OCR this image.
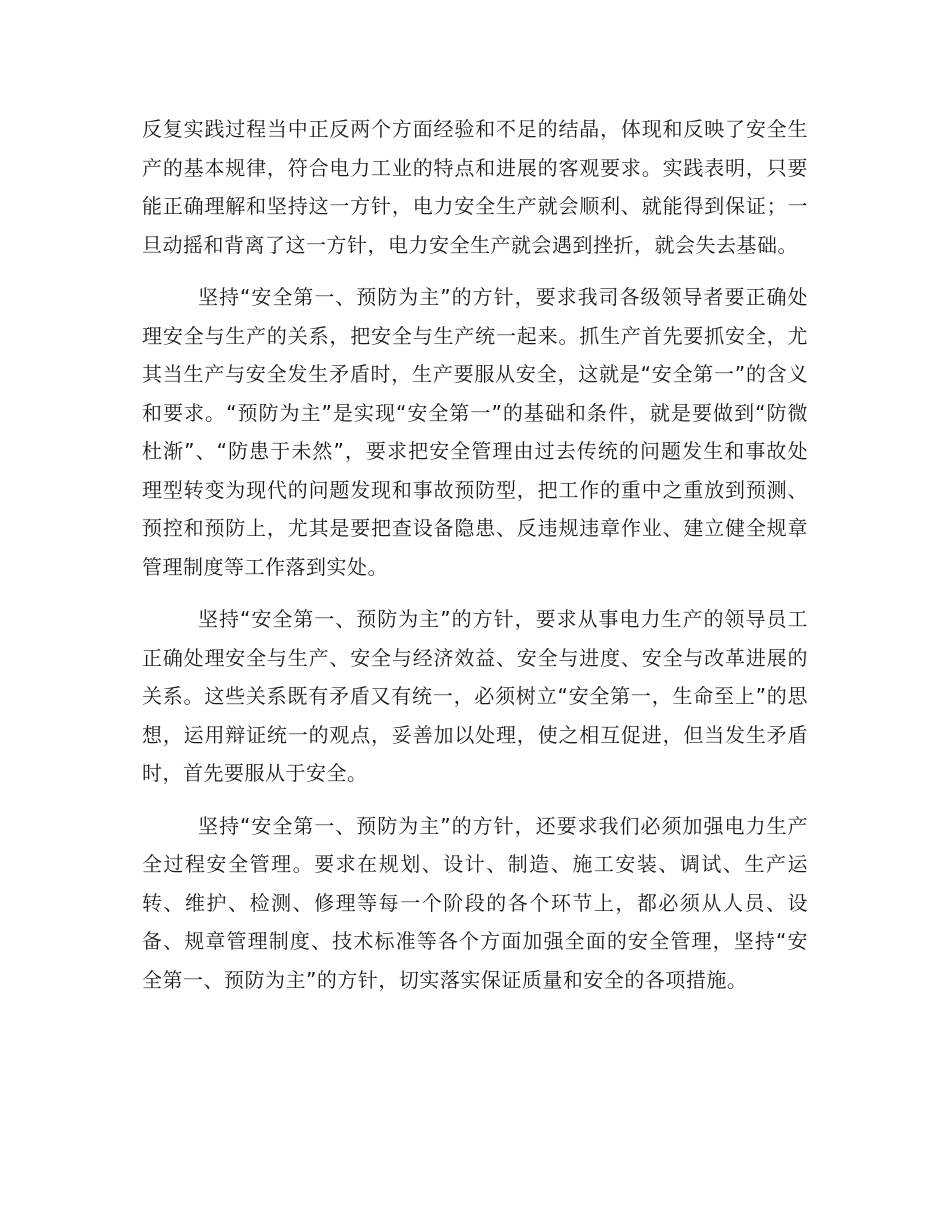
反复实践过程当中正反两个方面经验和不足的结晶，体现和反映了安全生产的基本规律，符合电力工业的特点和进展的客观要求。实践表明，只要能正确理解和坚持这一方针，电力安全生产就会顺利、就能得到保证；一旦动摇和背离了这一方针，电力安全生产就会遇到挫折，就会失去基础。

坚持“安全第一、预防为主”的方针，要求我司各级领导者要正确处理安全与生产的关系，把安全与生产统一起来。抓生产首先要抓安全，尤其当生产与安全发生矛盾时，生产要服从安全，这就是“安全第一”的含义和要求。“预防为主”是实现“安全第一”的基础和条件，就是要做到“防微杜渐”、“防患于未然”，要求把安全管理由过去传统的问题发生和事故处理型转变为现代的问题发现和事故预防型，把工作的重中之重放到预测、预控和预防上，尤其是要把查设备隐患、反违规违章作业、建立健全规章管理制度等工作落到实处。

坚持“安全第一、预防为主”的方针，要求从事电力生产的领导员工正确处理安全与生产、安全与经济效益、安全与进度、安全与改革进展的关系。这些关系既有矛盾又有统一，必须树立“安全第一，生命至上”的思想，运用辩证统一的观点，妥善加以处理，使之相互促进，但当发生矛盾时，首先要服从于安全。

坚持“安全第一、预防为主”的方针，还要求我们必须加强电力生产全过程安全管理。要求在规划、设计、制造、施工安装、调试、生产运转、维护、检测、修理等每一个阶段的各个环节上，都必须从人员、设备、规章管理制度、技术标准等各个方面加强全面的安全管理，坚持“安全第一、预防为主”的方针，切实落实保证质量和安全的各项措施。
